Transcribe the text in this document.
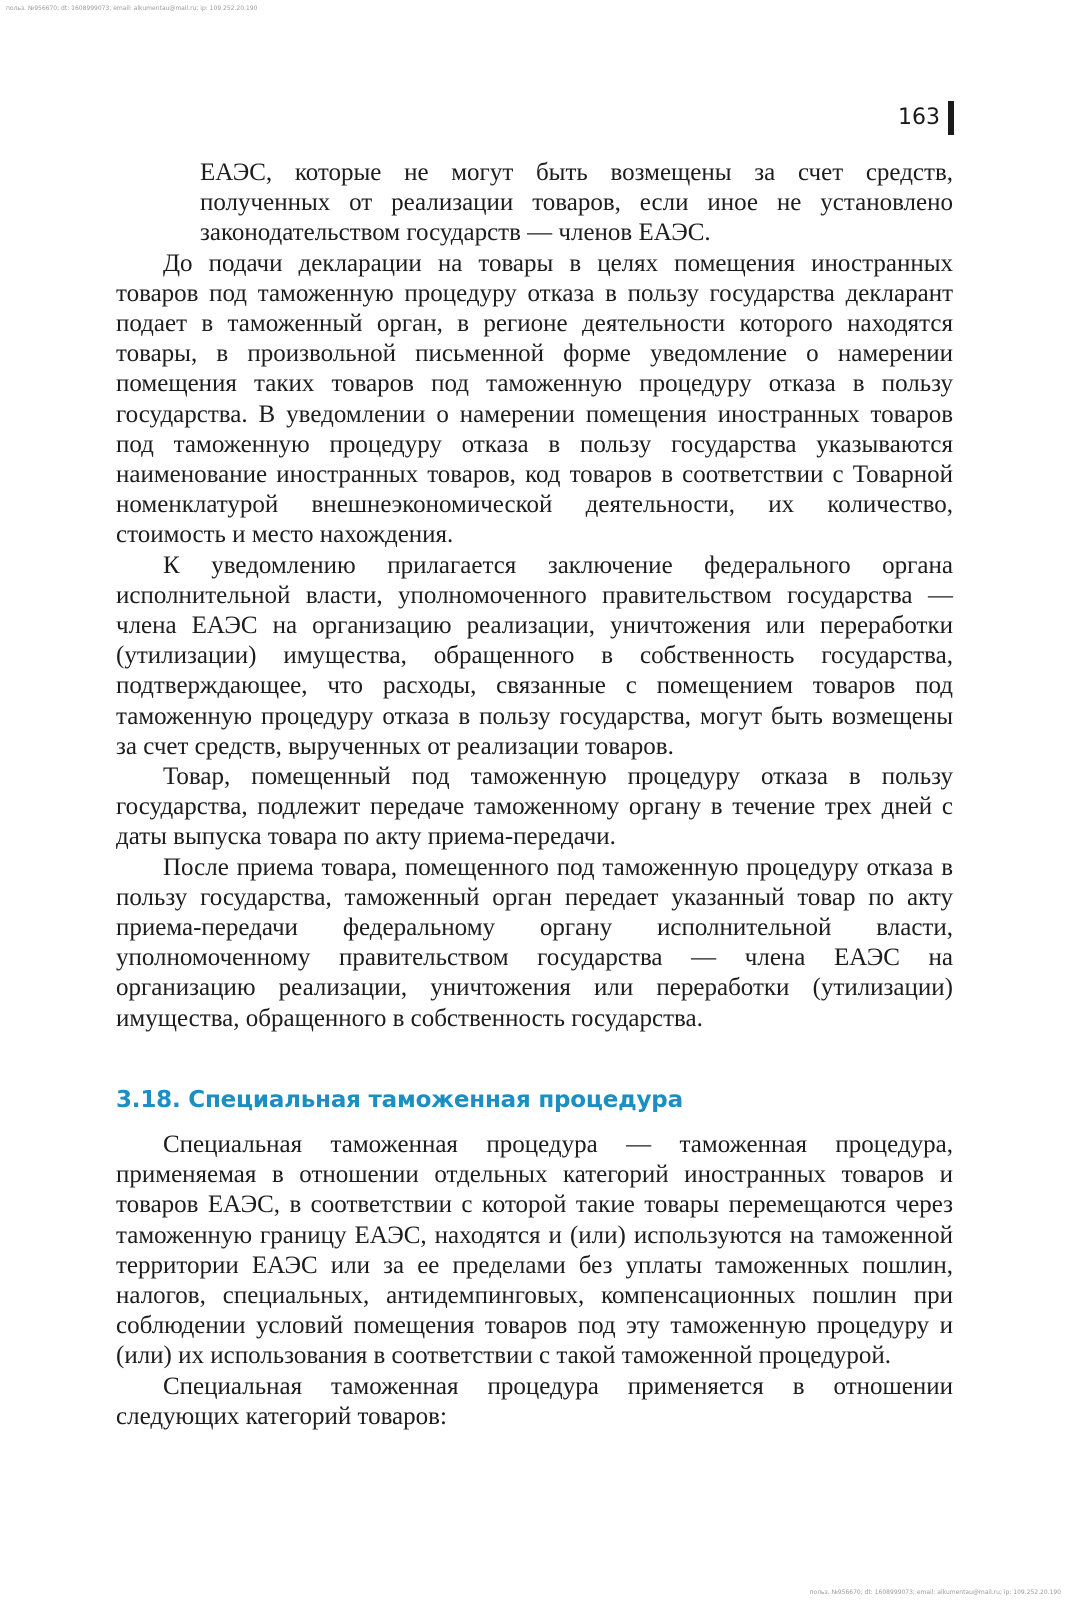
польз. №956670; dt: 1608999073; email: alkumentau@mail.ru; ip: 109.252.20.190
163

ЕАЭС, которые не могут быть возмещены за счет средств, полученных от реализации товаров, если иное не установлено законодательством государств — членов ЕАЭС.

До подачи декларации на товары в целях помещения иностранных товаров под таможенную процедуру отказа в пользу государства декларант подает в таможенный орган, в регионе деятельности которого находятся товары, в произвольной письменной форме уведомление о намерении помещения таких товаров под таможенную процедуру отказа в пользу государства. В уведомлении о намерении помещения иностранных товаров под таможенную процедуру отказа в пользу государства указываются наименование иностранных товаров, код товаров в соответствии с Товарной номенклатурой внешнеэкономической деятельности, их количество, стоимость и место нахождения.

К уведомлению прилагается заключение федерального органа исполнительной власти, уполномоченного правительством государства — члена ЕАЭС на организацию реализации, уничтожения или переработки (утилизации) имущества, обращенного в собственность государства, подтверждающее, что расходы, связанные с помещением товаров под таможенную процедуру отказа в пользу государства, могут быть возмещены за счет средств, вырученных от реализации товаров.

Товар, помещенный под таможенную процедуру отказа в пользу государства, подлежит передаче таможенному органу в течение трех дней с даты выпуска товара по акту приема-передачи.

После приема товара, помещенного под таможенную процедуру отказа в пользу государства, таможенный орган передает указанный товар по акту приема-передачи федеральному органу исполнительной власти, уполномоченному правительством государства — члена ЕАЭС на организацию реализации, уничтожения или переработки (утилизации) имущества, обращенного в собственность государства.

3.18. Специальная таможенная процедура

Специальная таможенная процедура — таможенная процедура, применяемая в отношении отдельных категорий иностранных товаров и товаров ЕАЭС, в соответствии с которой такие товары перемещаются через таможенную границу ЕАЭС, находятся и (или) используются на таможенной территории ЕАЭС или за ее пределами без уплаты таможенных пошлин, налогов, специальных, антидемпинговых, компенсационных пошлин при соблюдении условий помещения товаров под эту таможенную процедуру и (или) их использования в соответствии с такой таможенной процедурой.

Специальная таможенная процедура применяется в отношении следующих категорий товаров:

польз. №956670; dt: 1608999073; email: alkumentau@mail.ru; ip: 109.252.20.190
